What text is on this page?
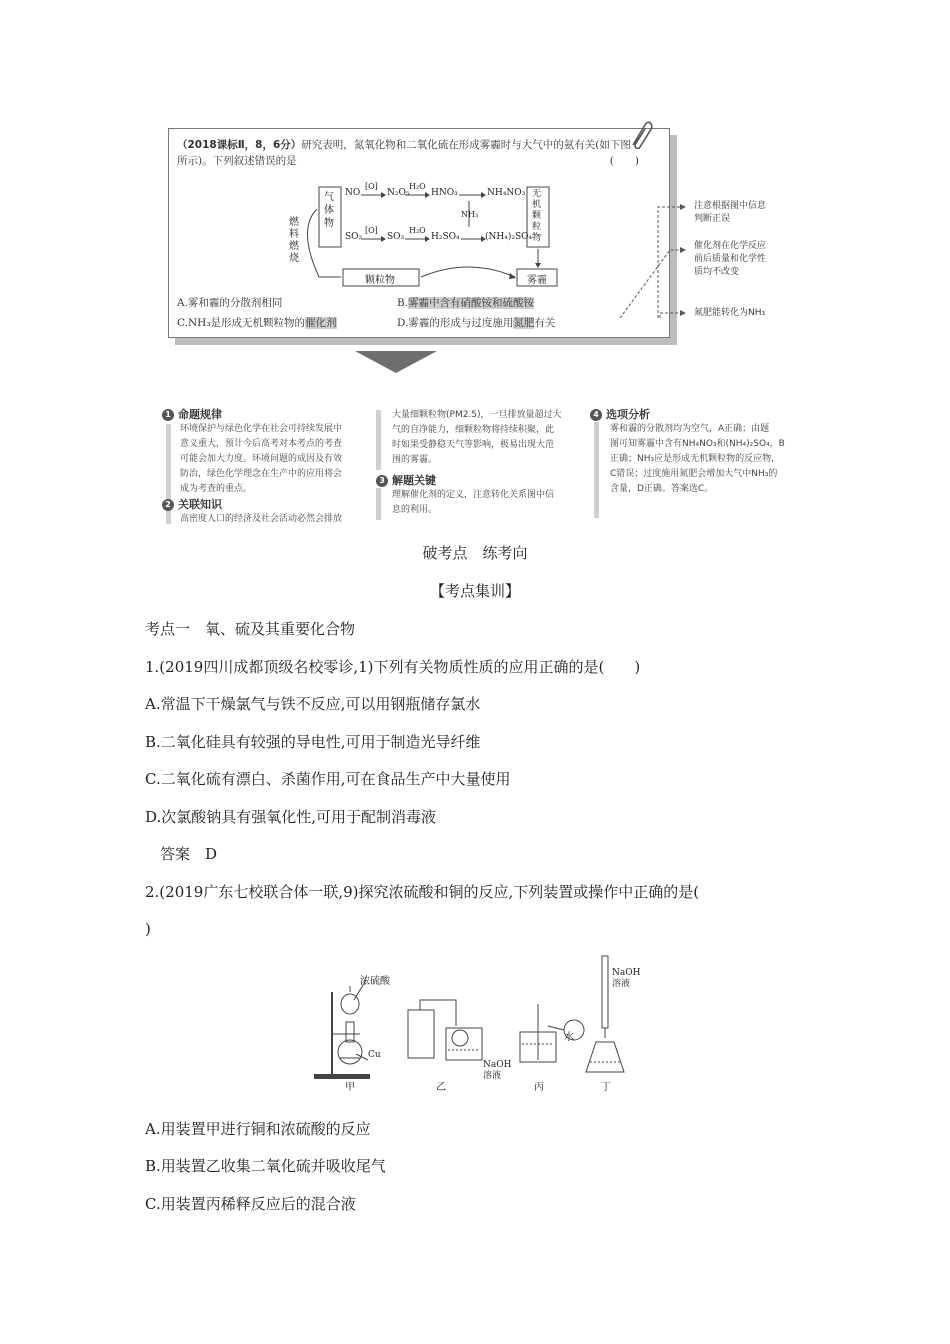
（2018课标Ⅱ，8，6分）研究表明，氮氧化物和二氧化硫在形成雾霾时与大气中的氨有关(如下图
所示)。下列叙述错误的是	(　　)
燃料燃烧
气体物
无机颗粒物
颗粒物	雾霾
NO
[O]
N₂O₅
H₂O
HNO₃	NH₄NO₃
NH₃
SO₂
[O]
SO₃
H₂O
H₂SO₄	(NH₄)₂SO₄
A.雾和霾的分散剂相同	B.雾霾中含有硝酸铵和硫酸铵
C.NH₃是形成无机颗粒物的催化剂	D.雾霾的形成与过度施用氮肥有关
注意根据图中信息
判断正误
催化剂在化学反应
前后质量和化学性
质均不改变
氮肥能转化为NH₃
1 命题规律
环境保护与绿色化学在社会可持续发展中
意义重大，预计今后高考对本考点的考查
可能会加大力度。环境问题的成因及有效
防治，绿色化学理念在生产中的应用将会
成为考查的重点。
2 关联知识
高密度人口的经济及社会活动必然会排放
大量细颗粒物(PM2.5)，一旦排放量超过大
气的自净能力，细颗粒物将持续积聚，此
时如果受静稳天气等影响，极易出现大范
围的雾霾。
3 解题关键
理解催化剂的定义，注意转化关系图中信
息的利用。
4 选项分析
雾和霾的分散剂均为空气，A正确；由题
图可知雾霾中含有NH₄NO₃和(NH₄)₂SO₄，B
正确；NH₃应是形成无机颗粒物的反应物，
C错误；过度施用氮肥会增加大气中NH₃的
含量，D正确。答案选C。
破考点　练考向
【考点集训】
考点一　氧、硫及其重要化合物
1.(2019四川成都顶级名校零诊,1)下列有关物质性质的应用正确的是(　　)
A.常温下干燥氯气与铁不反应,可以用钢瓶储存氯水
B.二氧化硅具有较强的导电性,可用于制造光导纤维
C.二氧化硫有漂白、杀菌作用,可在食品生产中大量使用
D.次氯酸钠具有强氧化性,可用于配制消毒液
答案　D
2.(2019广东七校联合体一联,9)探究浓硫酸和铜的反应,下列装置或操作中正确的是(
)
浓硫酸
Cu
NaOH
溶液
水
NaOH
溶液
甲	乙	丙	丁
A.用装置甲进行铜和浓硫酸的反应
B.用装置乙收集二氧化硫并吸收尾气
C.用装置丙稀释反应后的混合液
